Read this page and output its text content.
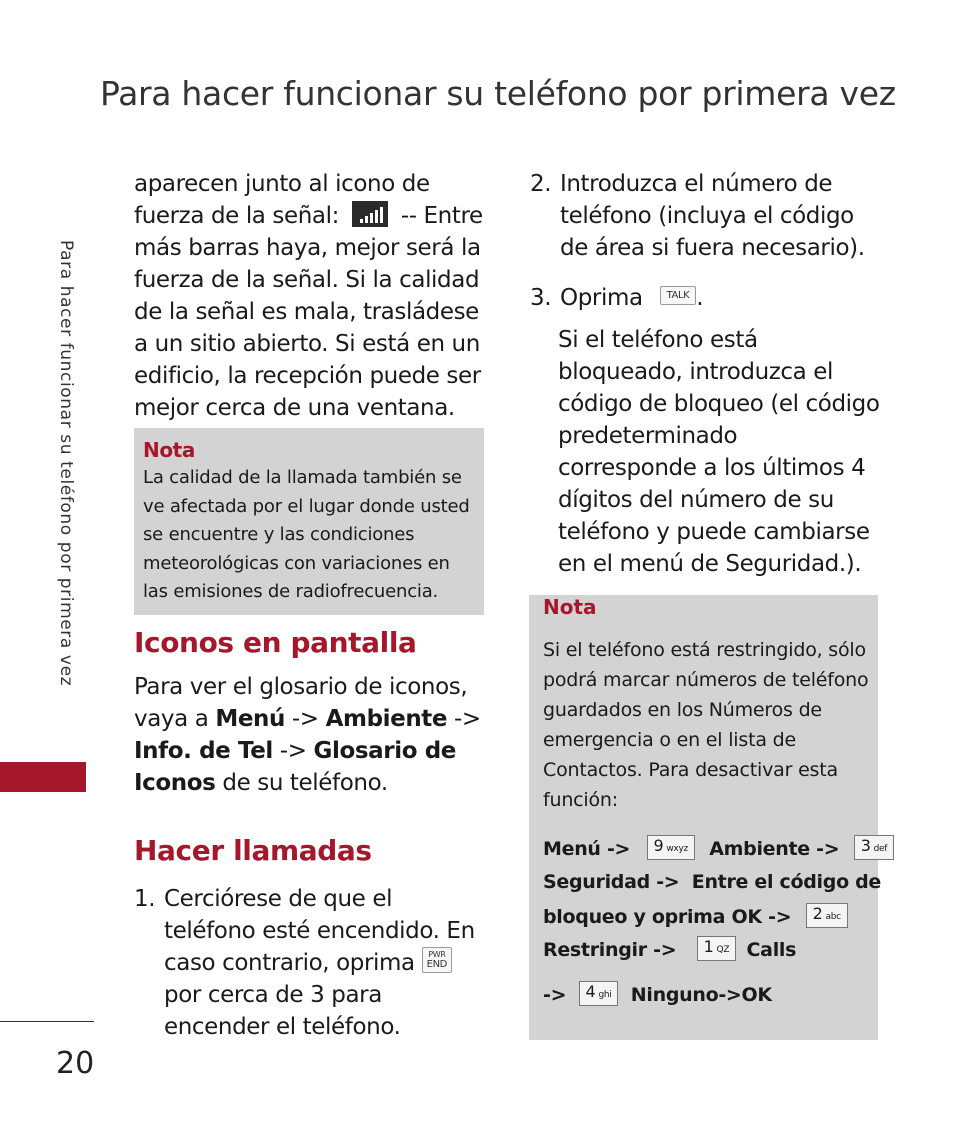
Para hacer funcionar su teléfono por primera vez
Para hacer funcionar su teléfono por primera vez
20

aparecen junto al icono de fuerza de la señal:	-- Entre más barras haya, mejor será la fuerza de la señal. Si la calidad de la señal es mala, trasládese a un sitio abierto. Si está en un edificio, la recepción puede ser mejor cerca de una ventana.

Nota
La calidad de la llamada también se ve afectada por el lugar donde usted se encuentre y las condiciones meteorológicas con variaciones en las emisiones de radiofrecuencia.
Iconos en pantalla

Para ver el glosario de iconos, vaya a Menú -> Ambiente -> Info. de Tel -> Glosario de Iconos de su teléfono.

Hacer llamadas
1. Cerciórese de que el teléfono esté encendido. En caso contrario, oprima PWR
END
por cerca de 3 para encender el teléfono.
2. Introduzca el número de teléfono (incluya el código de área si fuera necesario).
3. Oprima TALK .

Si el teléfono está bloqueado, introduzca el código de bloqueo (el código predeterminado corresponde a los últimos 4 dígitos del número de su teléfono y puede cambiarse en el menú de Seguridad.).

Nota
Si el teléfono está restringido, sólo podrá marcar números de teléfono guardados en los Números de emergencia o en el lista de Contactos. Para desactivar esta función:
Menú -> 9 wxyz Ambiente -> 3 def
Seguridad -> Entre el código de
bloqueo y oprima OK -> 2 abc
Restringir -> 1 QZ Calls
-> 4 ghi Ninguno->OK
